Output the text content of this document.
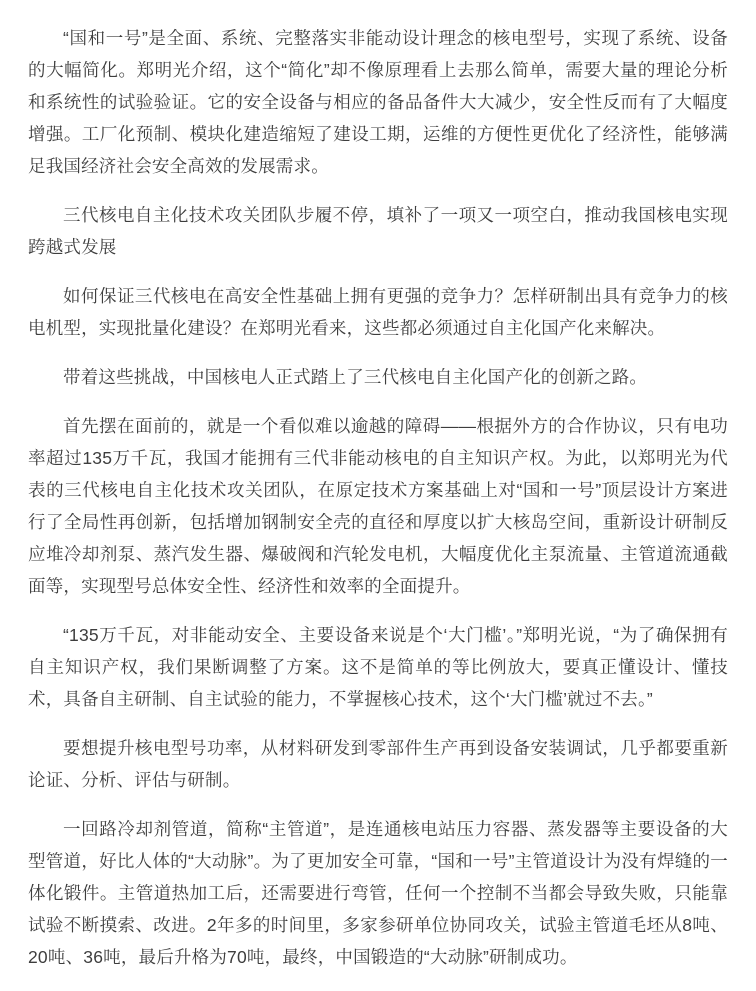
“国和一号”是全面、系统、完整落实非能动设计理念的核电型号，实现了系统、设备的大幅简化。郑明光介绍，这个“简化”却不像原理看上去那么简单，需要大量的理论分析和系统性的试验验证。它的安全设备与相应的备品备件大大减少，安全性反而有了大幅度增强。工厂化预制、模块化建造缩短了建设工期，运维的方便性更优化了经济性，能够满足我国经济社会安全高效的发展需求。

三代核电自主化技术攻关团队步履不停，填补了一项又一项空白，推动我国核电实现跨越式发展

如何保证三代核电在高安全性基础上拥有更强的竞争力？怎样研制出具有竞争力的核电机型，实现批量化建设？在郑明光看来，这些都必须通过自主化国产化来解决。

带着这些挑战，中国核电人正式踏上了三代核电自主化国产化的创新之路。

首先摆在面前的，就是一个看似难以逾越的障碍——根据外方的合作协议，只有电功率超过135万千瓦，我国才能拥有三代非能动核电的自主知识产权。为此，以郑明光为代表的三代核电自主化技术攻关团队，在原定技术方案基础上对“国和一号”顶层设计方案进行了全局性再创新，包括增加钢制安全壳的直径和厚度以扩大核岛空间，重新设计研制反应堆冷却剂泵、蒸汽发生器、爆破阀和汽轮发电机，大幅度优化主泵流量、主管道流通截面等，实现型号总体安全性、经济性和效率的全面提升。

“135万千瓦，对非能动安全、主要设备来说是个‘大门槛’。”郑明光说，“为了确保拥有自主知识产权，我们果断调整了方案。这不是简单的等比例放大，要真正懂设计、懂技术，具备自主研制、自主试验的能力，不掌握核心技术，这个‘大门槛’就过不去。”

要想提升核电型号功率，从材料研发到零部件生产再到设备安装调试，几乎都要重新论证、分析、评估与研制。

一回路冷却剂管道，简称“主管道”，是连通核电站压力容器、蒸发器等主要设备的大型管道，好比人体的“大动脉”。为了更加安全可靠，“国和一号”主管道设计为没有焊缝的一体化锻件。主管道热加工后，还需要进行弯管，任何一个控制不当都会导致失败，只能靠试验不断摸索、改进。2年多的时间里，多家参研单位协同攻关，试验主管道毛坯从8吨、20吨、36吨，最后升格为70吨，最终，中国锻造的“大动脉”研制成功。
